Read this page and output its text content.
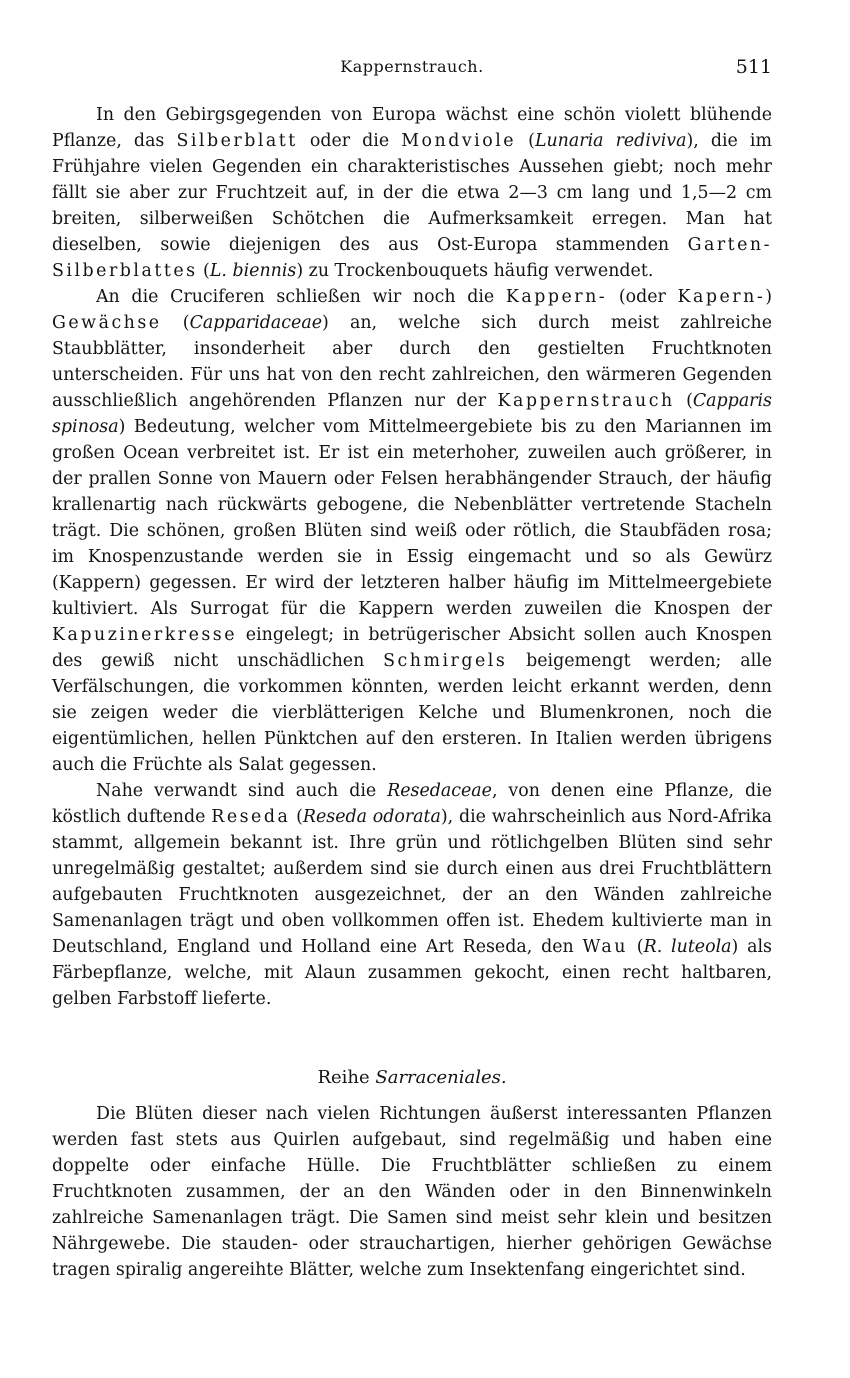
Kappernstrauch.	511

In den Gebirgsgegenden von Europa wächst eine schön violett blühende Pflanze, das Silberblatt oder die Mondviole (Lunaria rediviva), die im Frühjahre vielen Gegenden ein charakteristisches Aussehen giebt; noch mehr fällt sie aber zur Fruchtzeit auf, in der die etwa 2—3 cm lang und 1,5—2 cm breiten, silberweißen Schötchen die Aufmerksamkeit erregen. Man hat dieselben, sowie diejenigen des aus Ost-Europa stammenden Garten-Silberblattes (L. biennis) zu Trockenbouquets häufig verwendet.

An die Cruciferen schließen wir noch die Kappern- (oder Kapern-) Gewächse (Capparidaceae) an, welche sich durch meist zahlreiche Staubblätter, insonderheit aber durch den gestielten Fruchtknoten unterscheiden. Für uns hat von den recht zahlreichen, den wärmeren Gegenden ausschließlich angehörenden Pflanzen nur der Kappernstrauch (Capparis spinosa) Bedeutung, welcher vom Mittelmeergebiete bis zu den Mariannen im großen Ocean verbreitet ist. Er ist ein meterhoher, zuweilen auch größerer, in der prallen Sonne von Mauern oder Felsen herabhängender Strauch, der häufig krallenartig nach rückwärts gebogene, die Nebenblätter vertretende Stacheln trägt. Die schönen, großen Blüten sind weiß oder rötlich, die Staubfäden rosa; im Knospenzustande werden sie in Essig eingemacht und so als Gewürz (Kappern) gegessen. Er wird der letzteren halber häufig im Mittelmeergebiete kultiviert. Als Surrogat für die Kappern werden zuweilen die Knospen der Kapuzinerkresse eingelegt; in betrügerischer Absicht sollen auch Knospen des gewiß nicht unschädlichen Schmirgels beigemengt werden; alle Verfälschungen, die vorkommen könnten, werden leicht erkannt werden, denn sie zeigen weder die vierblätterigen Kelche und Blumenkronen, noch die eigentümlichen, hellen Pünktchen auf den ersteren. In Italien werden übrigens auch die Früchte als Salat gegessen.

Nahe verwandt sind auch die Resedaceae, von denen eine Pflanze, die köstlich duftende Reseda (Reseda odorata), die wahrscheinlich aus Nord-Afrika stammt, allgemein bekannt ist. Ihre grün und rötlichgelben Blüten sind sehr unregelmäßig gestaltet; außerdem sind sie durch einen aus drei Fruchtblättern aufgebauten Fruchtknoten ausgezeichnet, der an den Wänden zahlreiche Samenanlagen trägt und oben vollkommen offen ist. Ehedem kultivierte man in Deutschland, England und Holland eine Art Reseda, den Wau (R. luteola) als Färbepflanze, welche, mit Alaun zusammen gekocht, einen recht haltbaren, gelben Farbstoff lieferte.

Reihe Sarraceniales.

Die Blüten dieser nach vielen Richtungen äußerst interessanten Pflanzen werden fast stets aus Quirlen aufgebaut, sind regelmäßig und haben eine doppelte oder einfache Hülle. Die Fruchtblätter schließen zu einem Fruchtknoten zusammen, der an den Wänden oder in den Binnenwinkeln zahlreiche Samenanlagen trägt. Die Samen sind meist sehr klein und besitzen Nährgewebe. Die stauden- oder strauchartigen, hierher gehörigen Gewächse tragen spiralig angereihte Blätter, welche zum Insektenfang eingerichtet sind.
